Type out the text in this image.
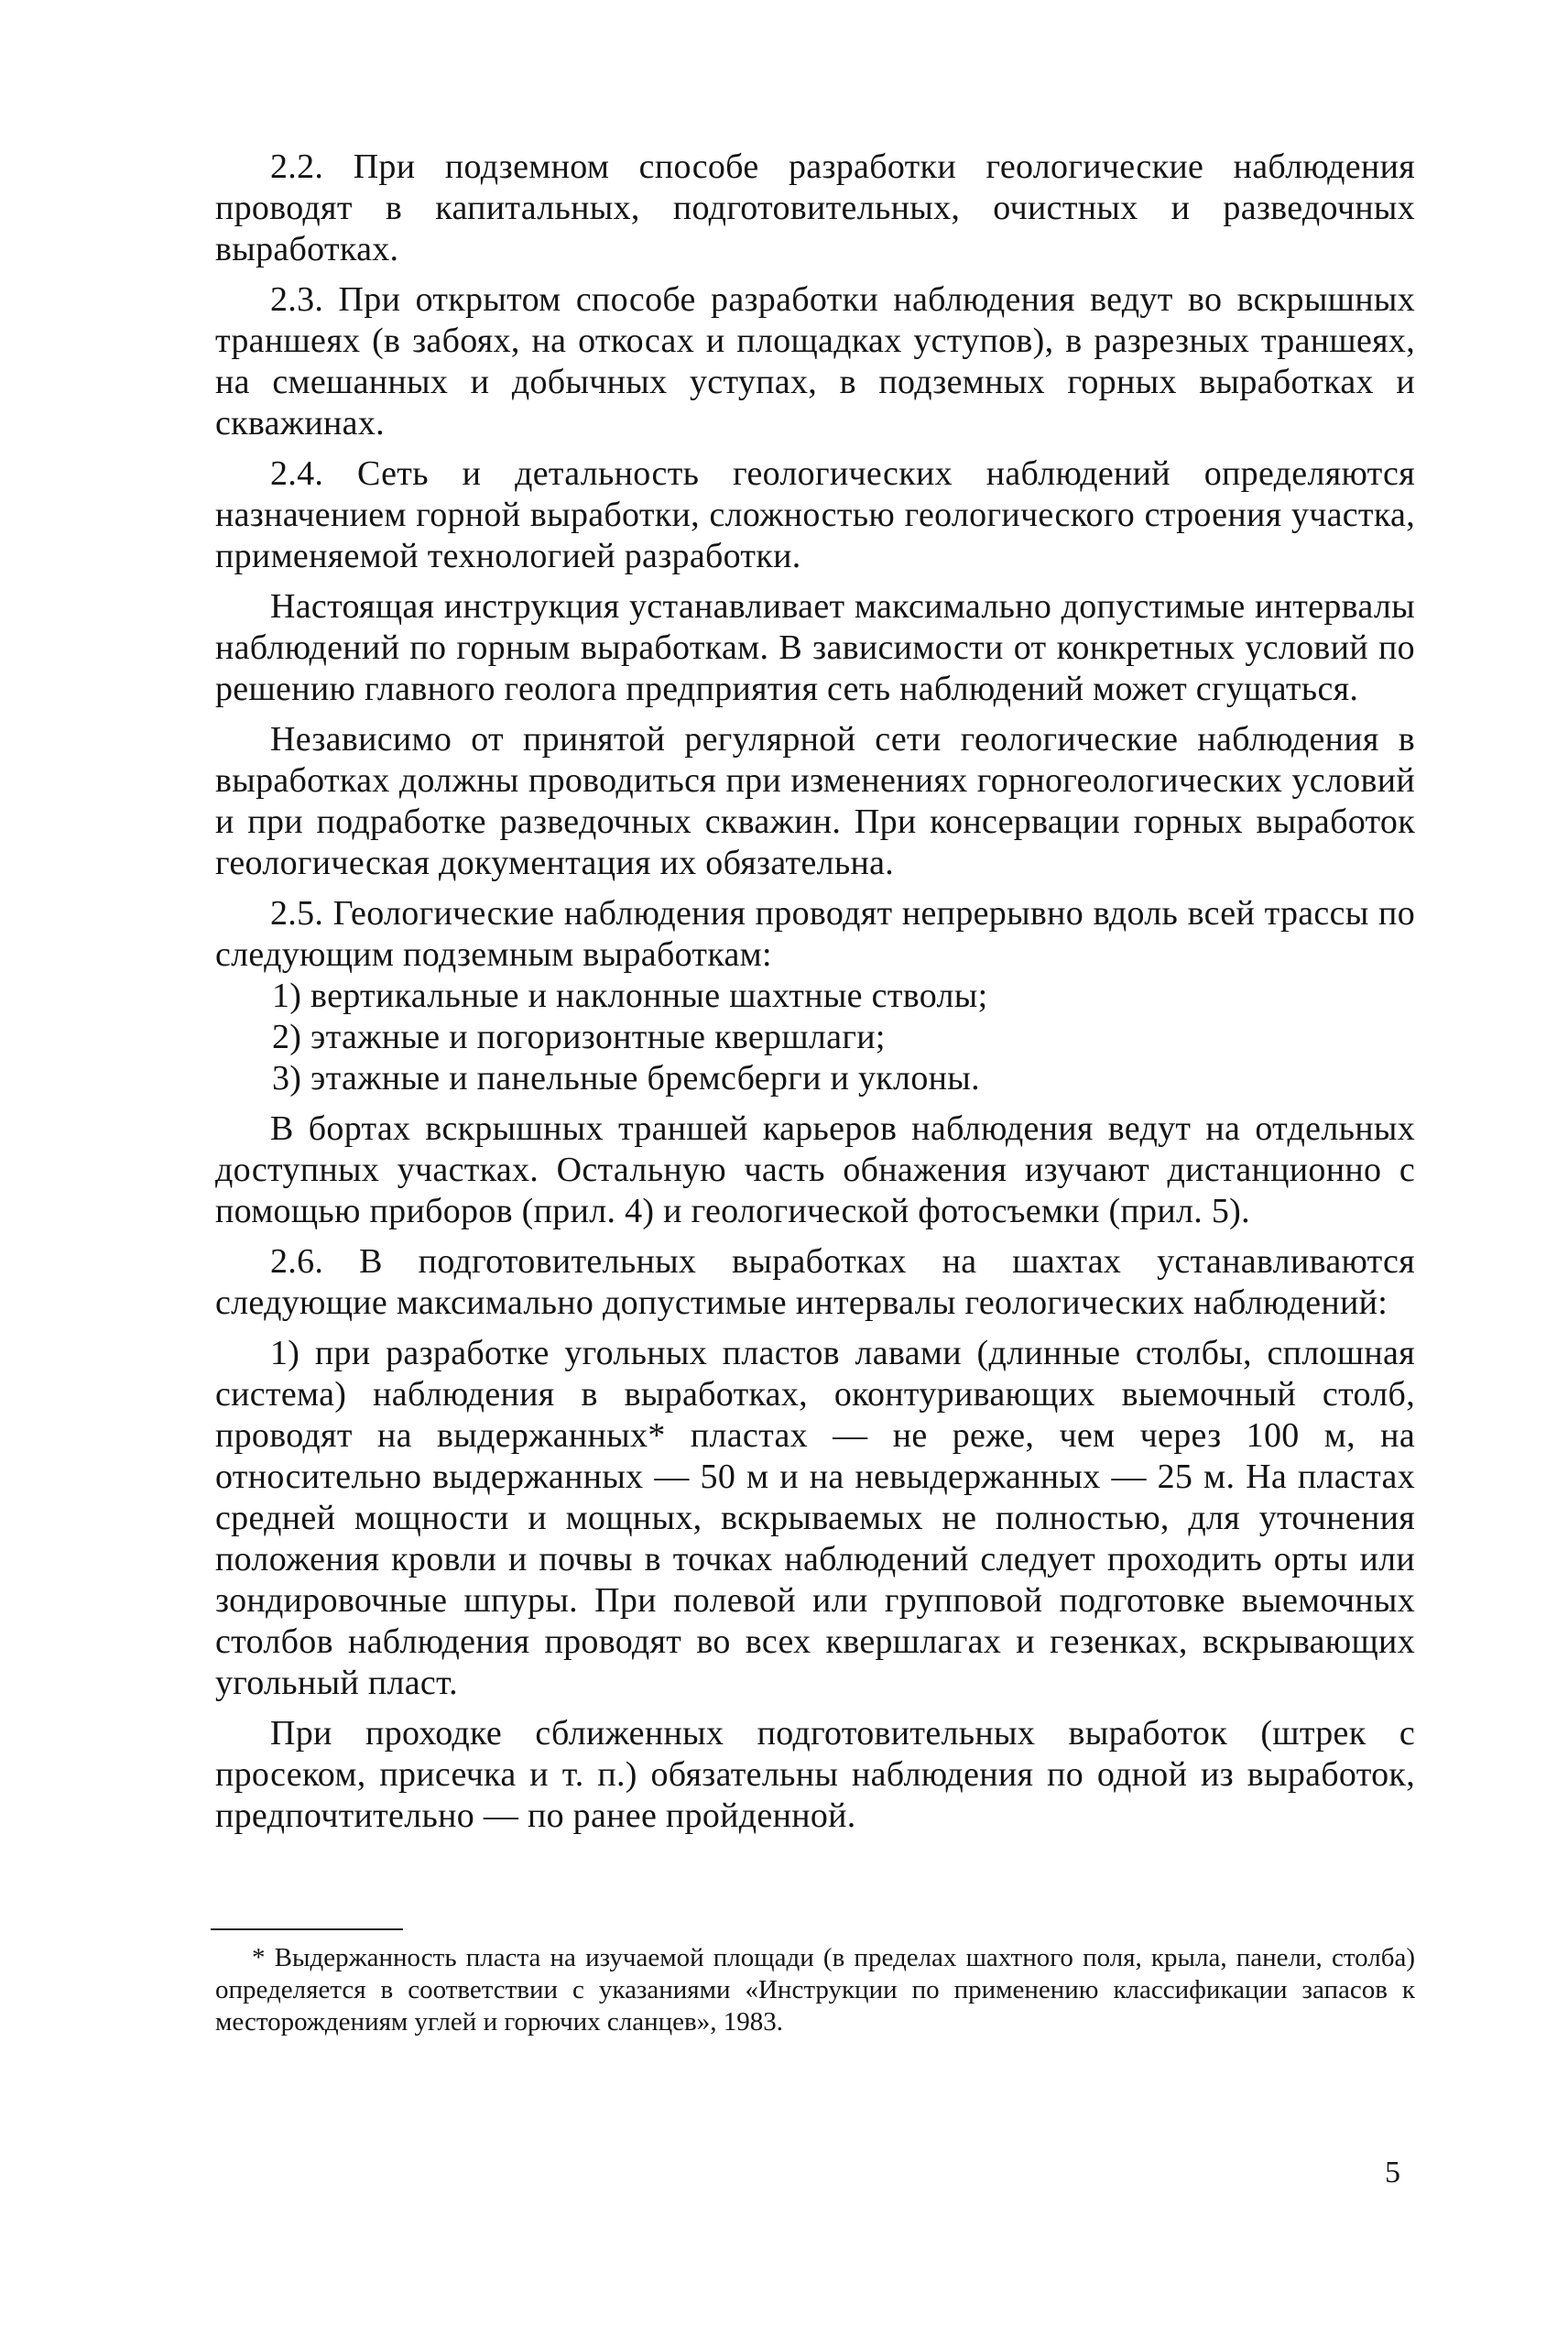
2.2. При подземном способе разработки геологические наблюдения проводят в капитальных, подготовительных, очистных и разведочных выработках.

2.3. При открытом способе разработки наблюдения ведут во вскрышных траншеях (в забоях, на откосах и площадках уступов), в разрезных траншеях, на смешанных и добычных уступах, в подземных горных выработках и скважинах.

2.4. Сеть и детальность геологических наблюдений определяются назначением горной выработки, сложностью геологического строения участка, применяемой технологией разработки.

Настоящая инструкция устанавливает максимально допустимые интервалы наблюдений по горным выработкам. В зависимости от конкретных условий по решению главного геолога предприятия сеть наблюдений может сгущаться.

Независимо от принятой регулярной сети геологические наблюдения в выработках должны проводиться при изменениях горногеологических условий и при подработке разведочных скважин. При консервации горных выработок геологическая документация их обязательна.

2.5. Геологические наблюдения проводят непрерывно вдоль всей трассы по следующим подземным выработкам:

1) вертикальные и наклонные шахтные стволы;

2) этажные и погоризонтные квершлаги;

3) этажные и панельные бремсберги и уклоны.

В бортах вскрышных траншей карьеров наблюдения ведут на отдельных доступных участках. Остальную часть обнажения изучают дистанционно с помощью приборов (прил. 4) и геологической фотосъемки (прил. 5).

2.6. В подготовительных выработках на шахтах устанавливаются следующие максимально допустимые интервалы геологических наблюдений:

1) при разработке угольных пластов лавами (длинные столбы, сплошная система) наблюдения в выработках, оконтуривающих выемочный столб, проводят на выдержанных* пластах — не реже, чем через 100 м, на относительно выдержанных — 50 м и на невыдержанных — 25 м. На пластах средней мощности и мощных, вскрываемых не полностью, для уточнения положения кровли и почвы в точках наблюдений следует проходить орты или зондировочные шпуры. При полевой или групповой подготовке выемочных столбов наблюдения проводят во всех квершлагах и гезенках, вскрывающих угольный пласт.

При проходке сближенных подготовительных выработок (штрек с просеком, присечка и т. п.) обязательны наблюдения по одной из выработок, предпочтительно — по ранее пройденной.

* Выдержанность пласта на изучаемой площади (в пределах шахтного поля, крыла, панели, столба) определяется в соответствии с указаниями «Инструкции по применению классификации запасов к месторождениям углей и горючих сланцев», 1983.

5
